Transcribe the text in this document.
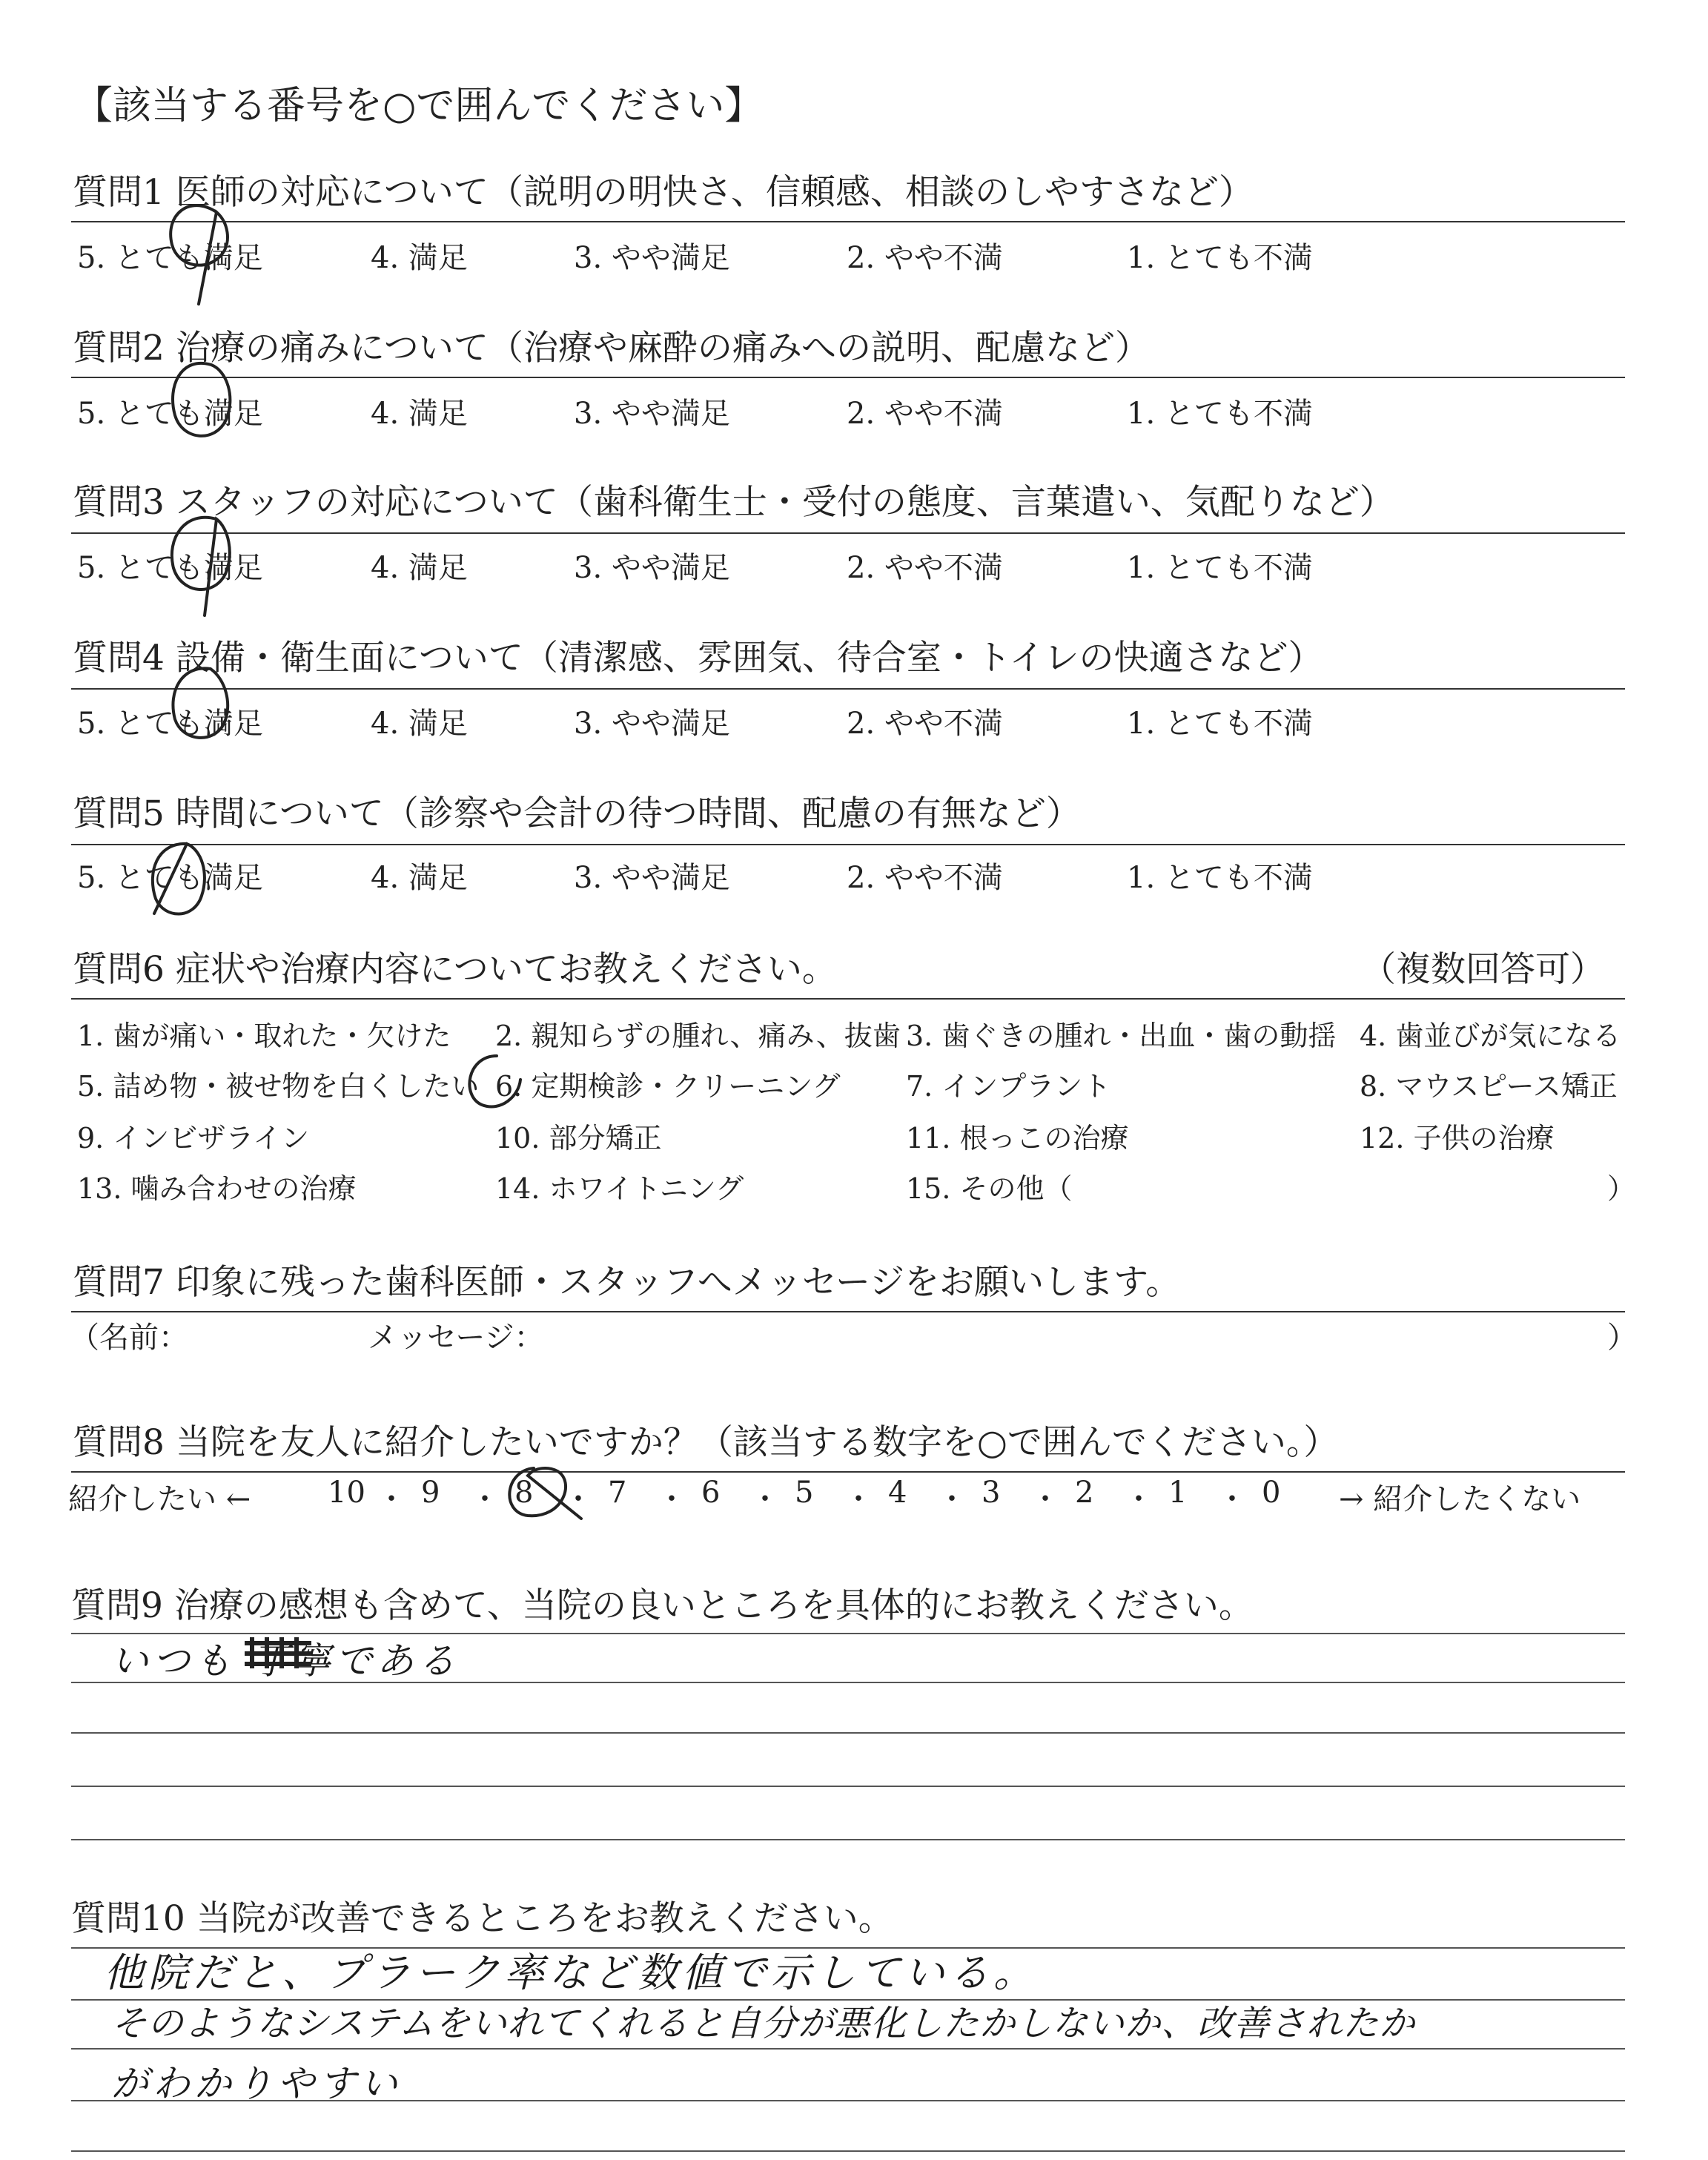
【該当する番号を○で囲んでください】
質問1 医師の対応について（説明の明快さ、信頼感、相談のしやすさなど）
5. とても満足	4. 満足	3. やや満足	2. やや不満	1. とても不満
質問2 治療の痛みについて（治療や麻酔の痛みへの説明、配慮など）
5. とても満足	4. 満足	3. やや満足	2. やや不満	1. とても不満
質問3 スタッフの対応について（歯科衛生士・受付の態度、言葉遣い、気配りなど）
5. とても満足	4. 満足	3. やや満足	2. やや不満	1. とても不満
質問4 設備・衛生面について（清潔感、雰囲気、待合室・トイレの快適さなど）
5. とても満足	4. 満足	3. やや満足	2. やや不満	1. とても不満
質問5 時間について（診察や会計の待つ時間、配慮の有無など）
5. とても満足	4. 満足	3. やや満足	2. やや不満	1. とても不満
質問6 症状や治療内容についてお教えください。	（複数回答可）
1. 歯が痛い・取れた・欠けた 2. 親知らずの腫れ、痛み、抜歯 3. 歯ぐきの腫れ・出血・歯の動揺 4. 歯並びが気になる
5. 詰め物・被せ物を白くしたい 6. 定期検診・クリーニング 7. インプラント	8. マウスピース矯正
9. インビザライン	10. 部分矯正	11. 根っこの治療	12. 子供の治療
13. 噛み合わせの治療	14. ホワイトニング	15. その他（	）
質問7 印象に残った歯科医師・スタッフへメッセージをお願いします。
（名前：	メッセージ：	）
質問8 当院を友人に紹介したいですか？（該当する数字を○で囲んでください。）
紹介したい ←	→ 紹介したくない
10 ・ 9 ・ 8 ・ 7 ・ 6 ・ 5 ・ 4 ・ 3 ・ 2 ・ 1 ・ 0
質問9 治療の感想も含めて、当院の良いところを具体的にお教えください。
いつも 丁寧である
質問10 当院が改善できるところをお教えください。
他院だと、プラーク率など数値で示している。
そのようなシステムをいれてくれると自分が悪化したかしないか、改善されたか
がわかりやすい
